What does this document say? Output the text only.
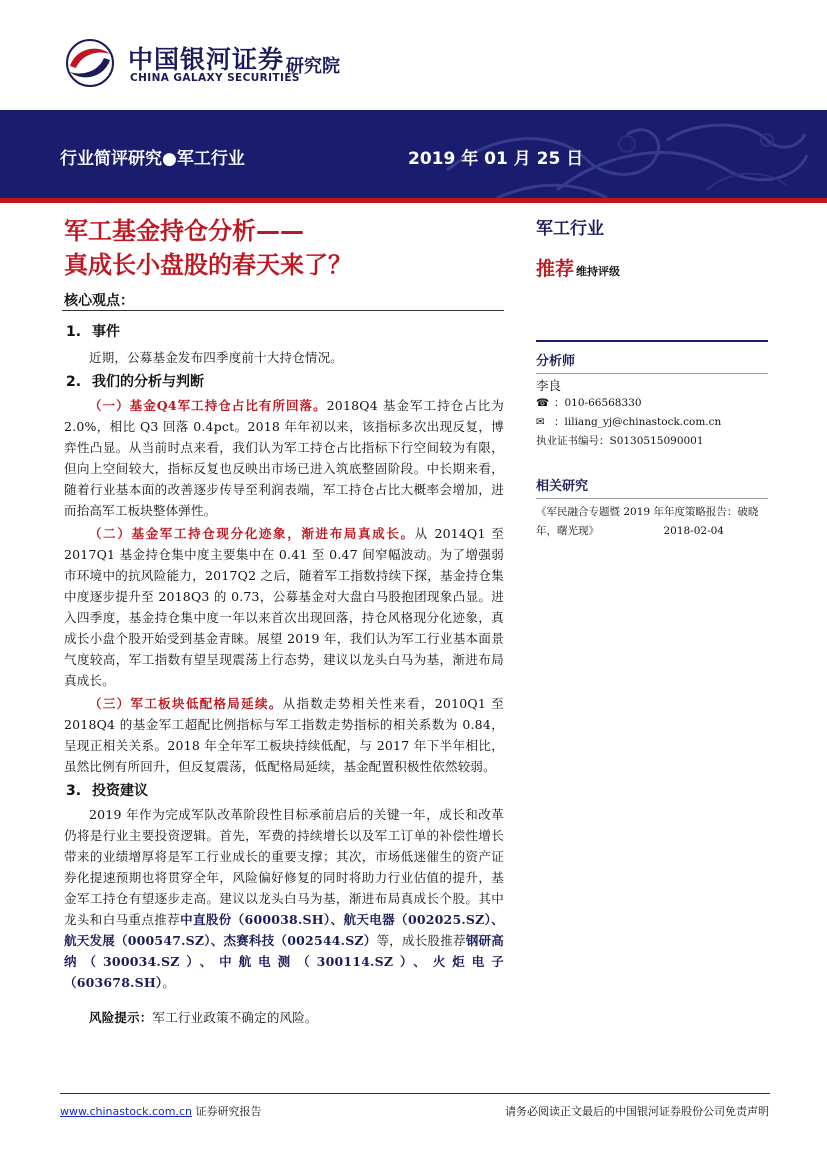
中国银河证券
CHINA GALAXY SECURITIES
研究院
行业简评研究●军工行业	2019 年 01 月 25 日
军工基金持仓分析——
真成长小盘股的春天来了？
核心观点：
1. 事件

近期，公募基金发布四季度前十大持仓情况。

2. 我们的分析与判断

（一）基金Q4军工持仓占比有所回落。2018Q4 基金军工持仓占比为 2.0%，相比 Q3 回落 0.4pct。2018 年年初以来，该指标多次出现反复，博弈性凸显。从当前时点来看，我们认为军工持仓占比指标下行空间较为有限，但向上空间较大，指标反复也反映出市场已进入筑底整固阶段。中长期来看，随着行业基本面的改善逐步传导至利润表端，军工持仓占比大概率会增加，进而抬高军工板块整体弹性。

（二）基金军工持仓现分化迹象，渐进布局真成长。从 2014Q1 至 2017Q1 基金持仓集中度主要集中在 0.41 至 0.47 间窄幅波动。为了增强弱市环境中的抗风险能力，2017Q2 之后，随着军工指数持续下探，基金持仓集中度逐步提升至 2018Q3 的 0.73，公募基金对大盘白马股抱团现象凸显。进入四季度，基金持仓集中度一年以来首次出现回落，持仓风格现分化迹象，真成长小盘个股开始受到基金青睐。展望 2019 年，我们认为军工行业基本面景气度较高，军工指数有望呈现震荡上行态势，建议以龙头白马为基，渐进布局真成长。

（三）军工板块低配格局延续。从指数走势相关性来看，2010Q1 至 2018Q4 的基金军工超配比例指标与军工指数走势指标的相关系数为 0.84，呈现正相关关系。2018 年全年军工板块持续低配，与 2017 年下半年相比，虽然比例有所回升，但反复震荡，低配格局延续，基金配置积极性依然较弱。

3. 投资建议

2019 年作为完成军队改革阶段性目标承前启后的关键一年，成长和改革仍将是行业主要投资逻辑。首先，军费的持续增长以及军工订单的补偿性增长带来的业绩增厚将是军工行业成长的重要支撑；其次，市场低迷催生的资产证券化提速预期也将贯穿全年，风险偏好修复的同时将助力行业估值的提升，基金军工持仓有望逐步走高。建议以龙头白马为基，渐进布局真成长个股。其中龙头和白马重点推荐中直股份（600038.SH）、航天电器（002025.SZ）、航天发展（000547.SZ）、杰赛科技（002544.SZ）等，成长股推荐钢研高纳（300034.SZ）、中航电测（300114.SZ）、火炬电子（603678.SH）。

风险提示：军工行业政策不确定的风险。

军工行业
推荐 维持评级
分析师
李良
☎ ：010-66568330
✉ ：liliang_yj@chinastock.com.cn
执业证书编号：S0130515090001
相关研究
《军民融合专题暨 2019 年年度策略报告：破晓年，曙光现》	2018-02-04
www.chinastock.com.cn 证券研究报告	请务必阅读正文最后的中国银河证券股份公司免责声明
